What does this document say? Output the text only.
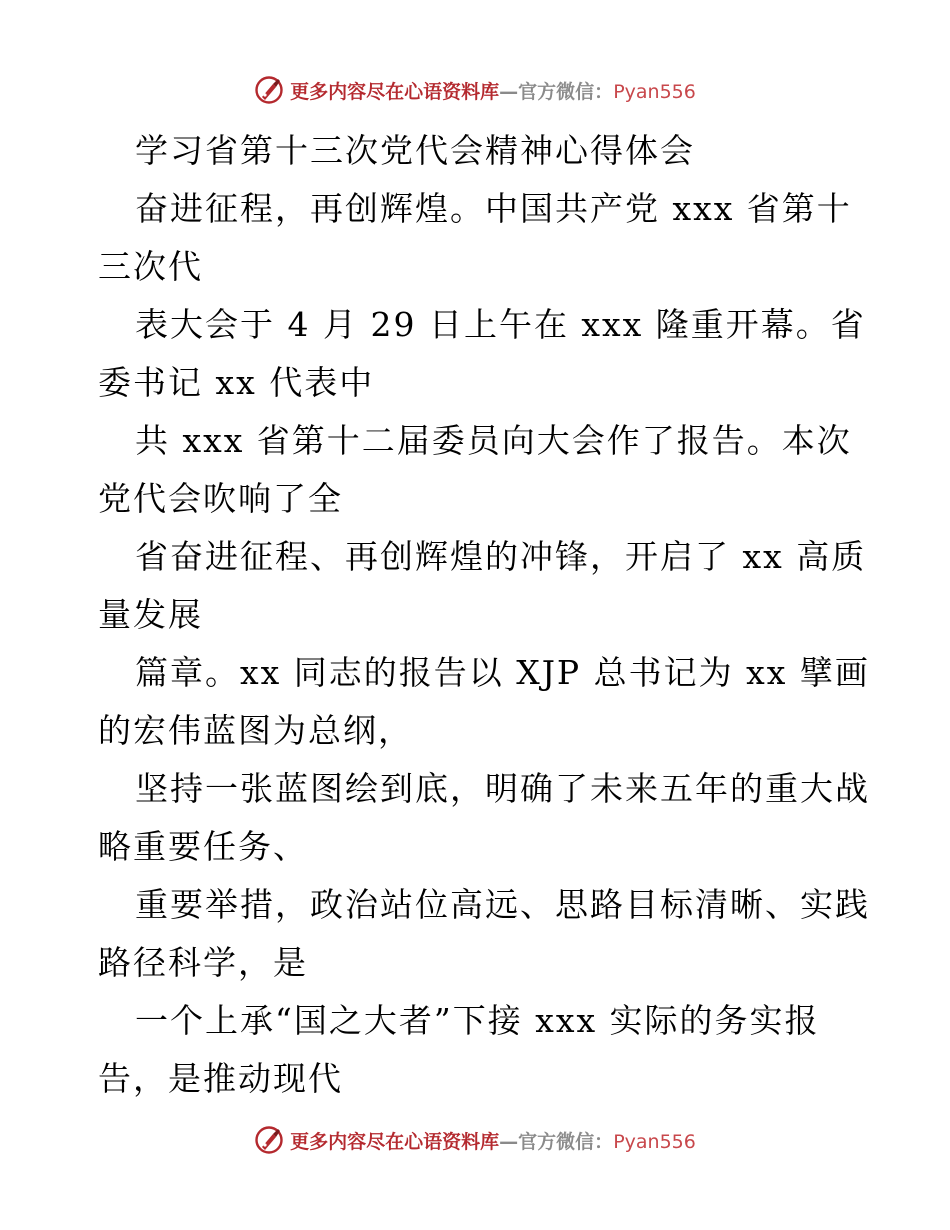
更多内容尽在心语资料库—官方微信：Pyan556
学习省第十三次党代会精神心得体会
奋进征程，再创辉煌。中国共产党 xxx 省第十
三次代
表大会于 4 月 29 日上午在 xxx 隆重开幕。省
委书记 xx 代表中
共 xxx 省第十二届委员向大会作了报告。本次
党代会吹响了全
省奋进征程、再创辉煌的冲锋，开启了 xx 高质
量发展
篇章。xx 同志的报告以 XJP 总书记为 xx 擘画
的宏伟蓝图为总纲，
坚持一张蓝图绘到底，明确了未来五年的重大战
略重要任务、
重要举措，政治站位高远、思路目标清晰、实践
路径科学，是
一个上承“国之大者”下接 xxx 实际的务实报
告，是推动现代
更多内容尽在心语资料库—官方微信：Pyan556
